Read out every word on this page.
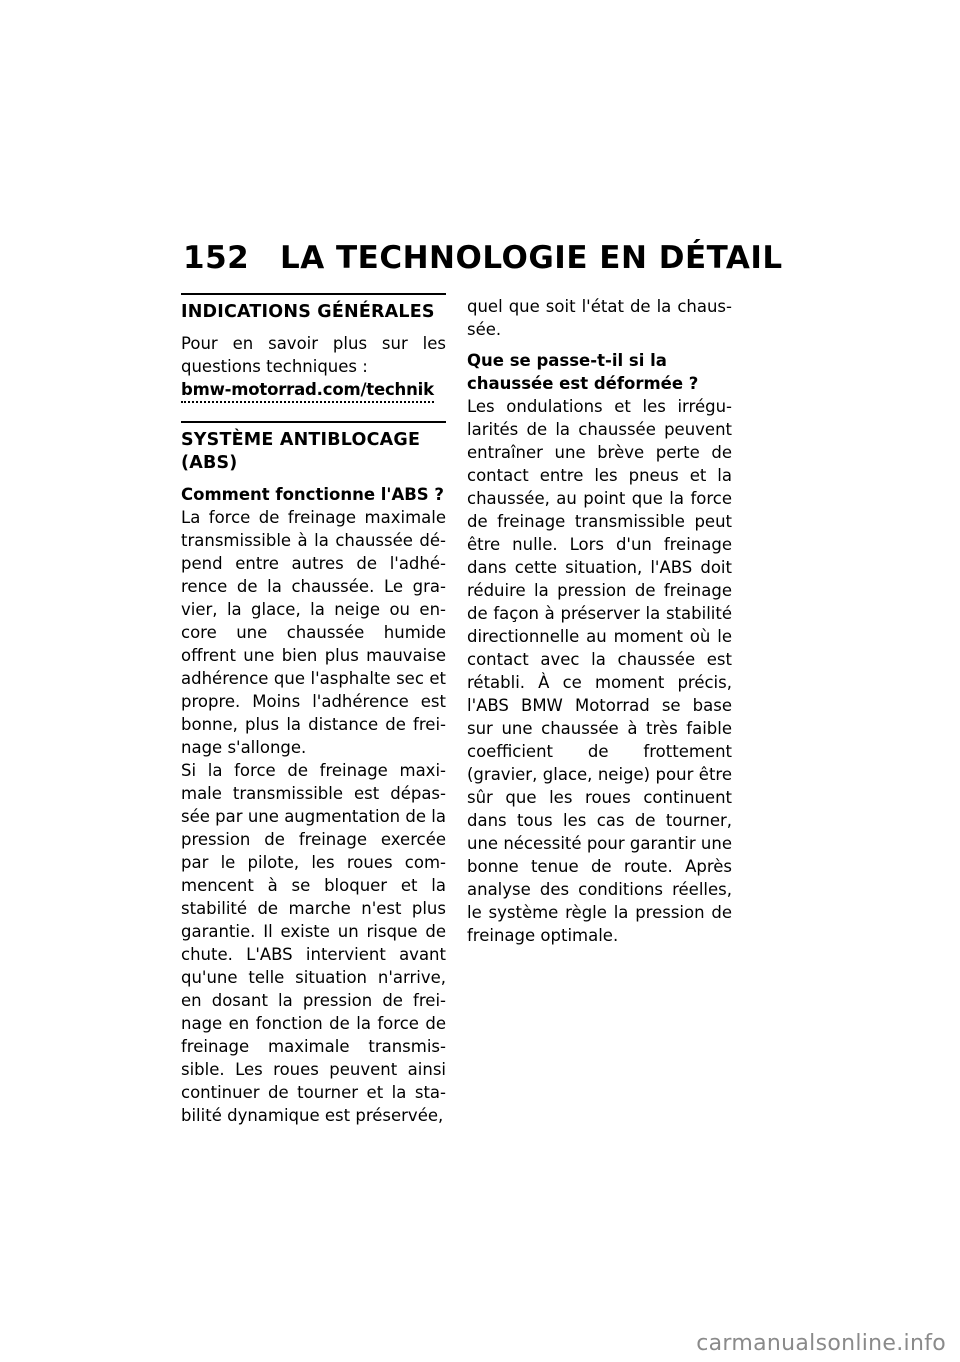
152 LA TECHNOLOGIE EN DÉTAIL
INDICATIONS GÉNÉRALES

Pour en savoir plus sur les questions techniques :

bmw-motorrad.com/technik
SYSTÈME ANTIBLOCAGE (ABS)
Comment fonctionne l'ABS ?

La force de freinage maximale transmissible à la chaussée dépend entre autres de l'adhérence de la chaussée. Le gravier, la glace, la neige ou encore une chaussée humide offrent une bien plus mauvaise adhérence que l'asphalte sec et propre. Moins l'adhérence est bonne, plus la distance de freinage s'allonge.

Si la force de freinage maximale transmissible est dépassée par une augmentation de la pression de freinage exercée par le pilote, les roues commencent à se bloquer et la stabilité de marche n'est plus garantie. Il existe un risque de chute. L'ABS intervient avant qu'une telle situation n'arrive, en dosant la pression de freinage en fonction de la force de freinage maximale transmissible. Les roues peuvent ainsi continuer de tourner et la stabilité dynamique est préservée,

quel que soit l'état de la chaussée.

Que se passe-t-il si la chaussée est déformée ?

Les ondulations et les irrégularités de la chaussée peuvent entraîner une brève perte de contact entre les pneus et la chaussée, au point que la force de freinage transmissible peut être nulle. Lors d'un freinage dans cette situation, l'ABS doit réduire la pression de freinage de façon à préserver la stabilité directionnelle au moment où le contact avec la chaussée est rétabli. À ce moment précis, l'ABS BMW Motorrad se base sur une chaussée à très faible coefficient de frottement (gravier, glace, neige) pour être sûr que les roues continuent dans tous les cas de tourner, une nécessité pour garantir une bonne tenue de route. Après analyse des conditions réelles, le système règle la pression de freinage optimale.

carmanualsonline.info
